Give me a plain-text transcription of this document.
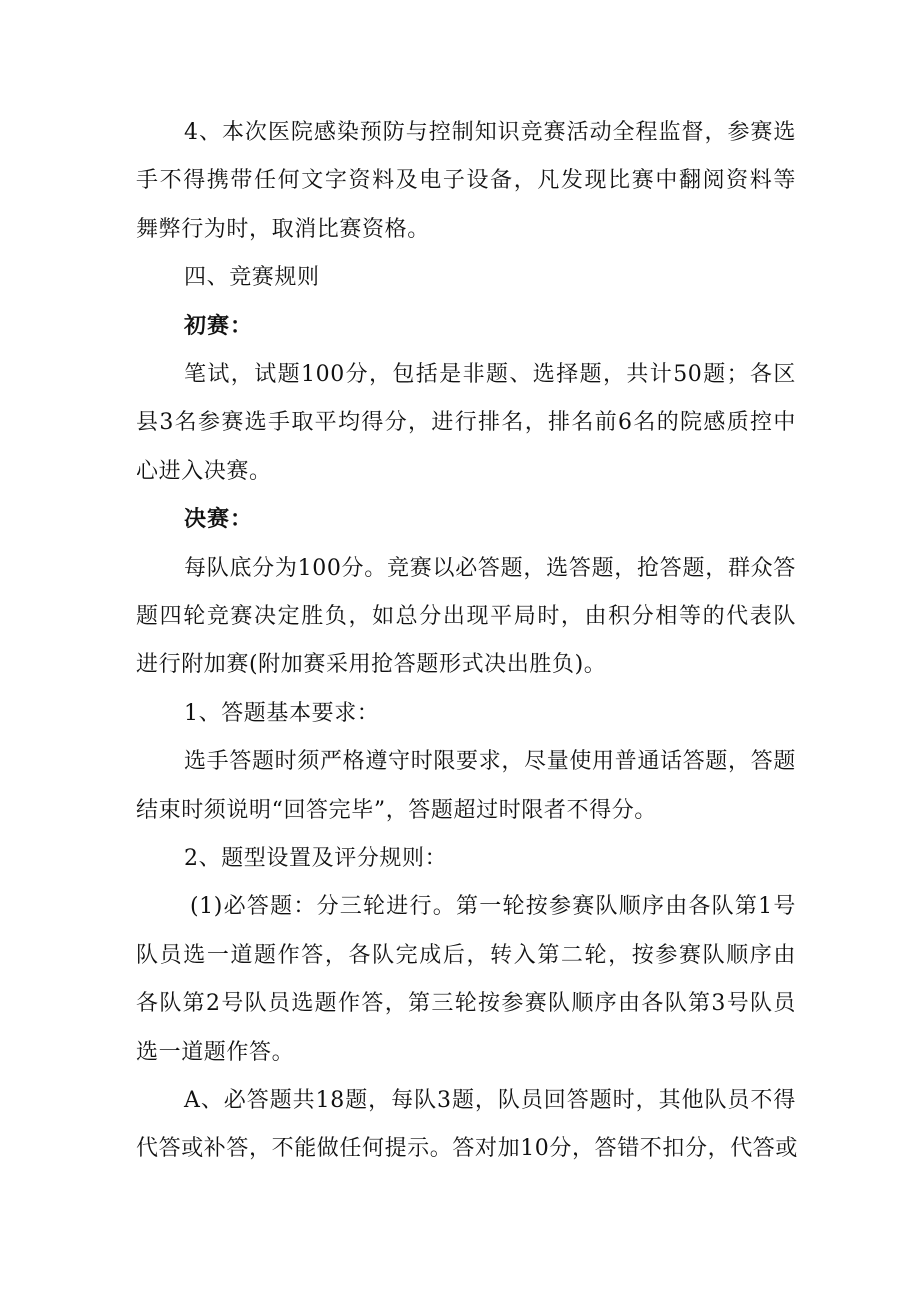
4、本次医院感染预防与控制知识竞赛活动全程监督，参赛选
手不得携带任何文字资料及电子设备，凡发现比赛中翻阅资料等
舞弊行为时，取消比赛资格。
四、竞赛规则
初赛：
笔试，试题100分，包括是非题、选择题，共计50题；各区
县3名参赛选手取平均得分，进行排名，排名前6名的院感质控中
心进入决赛。
决赛：
每队底分为100分。竞赛以必答题，选答题，抢答题，群众答
题四轮竞赛决定胜负，如总分出现平局时，由积分相等的代表队
进行附加赛(附加赛采用抢答题形式决出胜负)。
1、答题基本要求：
选手答题时须严格遵守时限要求，尽量使用普通话答题，答题
结束时须说明“回答完毕”，答题超过时限者不得分。
2、题型设置及评分规则：
(1)必答题：分三轮进行。第一轮按参赛队顺序由各队第1号
队员选一道题作答，各队完成后，转入第二轮，按参赛队顺序由
各队第2号队员选题作答，第三轮按参赛队顺序由各队第3号队员
选一道题作答。
A、必答题共18题，每队3题，队员回答题时，其他队员不得
代答或补答，不能做任何提示。答对加10分，答错不扣分，代答或
